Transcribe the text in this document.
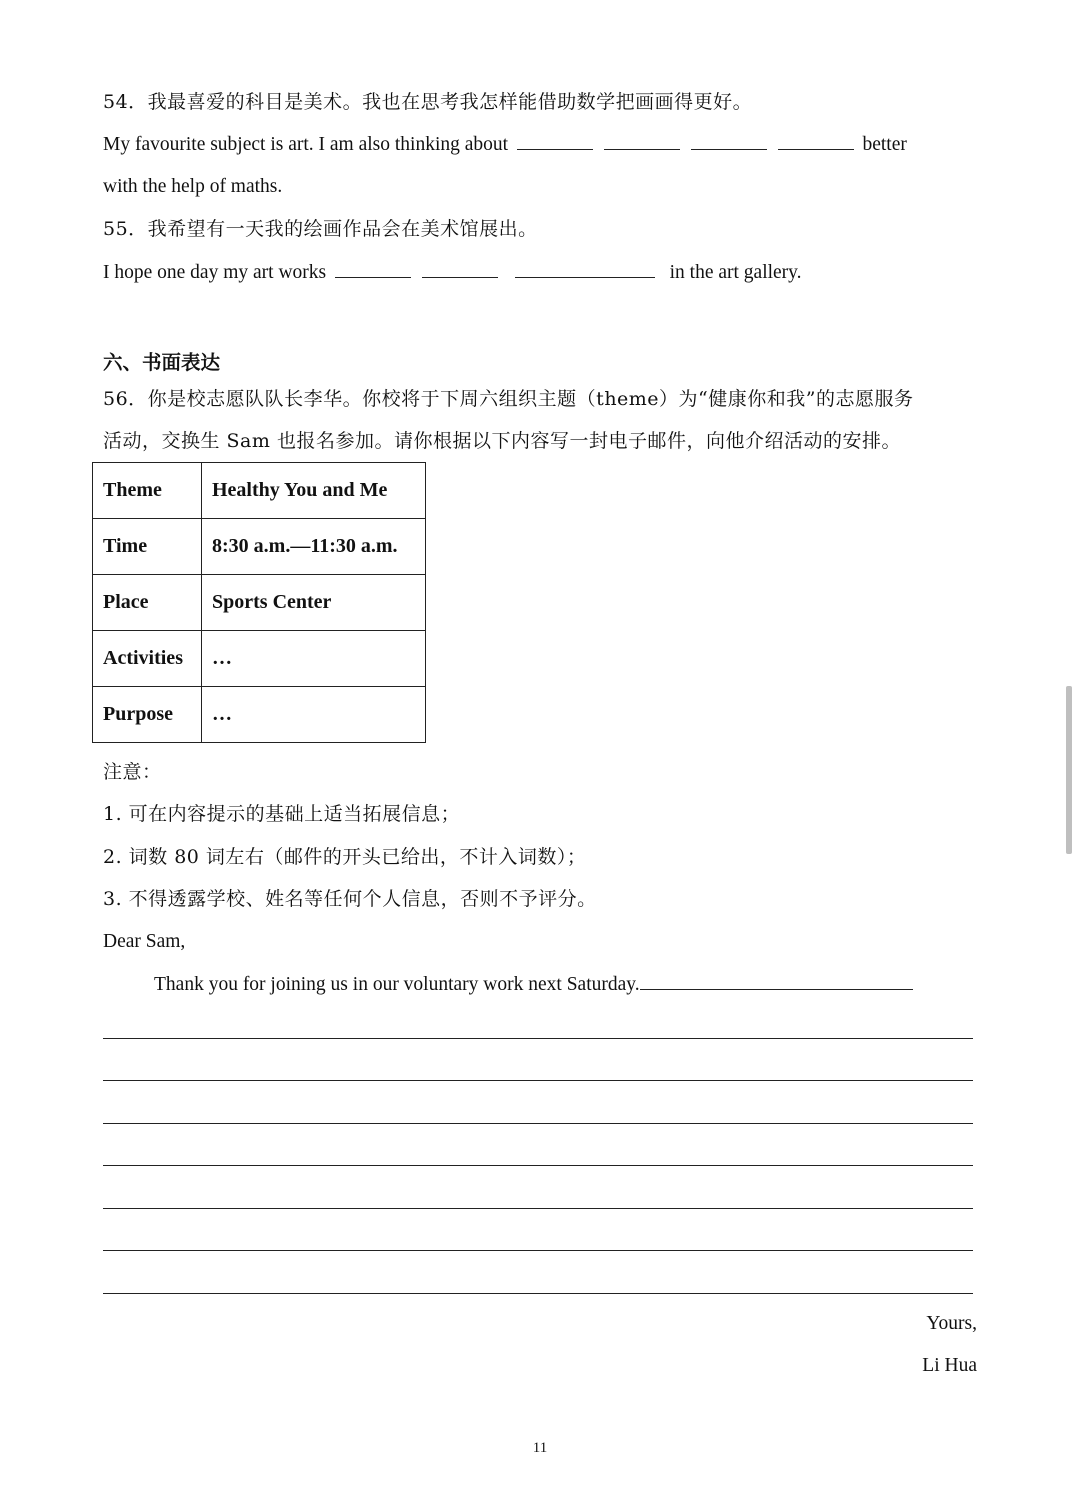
54．我最喜爱的科目是美术。我也在思考我怎样能借助数学把画画得更好。
My favourite subject is art. I am also thinking about	better
with the help of maths.
55．我希望有一天我的绘画作品会在美术馆展出。
I hope one day my art works	in the art gallery.
六、书面表达
56．你是校志愿队队长李华。你校将于下周六组织主题（theme）为“健康你和我”的志愿服务
活动，交换生 Sam 也报名参加。请你根据以下内容写一封电子邮件，向他介绍活动的安排。
Theme	Healthy You and Me
Time	8:30 a.m.—11:30 a.m.
Place	Sports Center
Activities	…
Purpose	…
注意：
1. 可在内容提示的基础上适当拓展信息；
2. 词数 80 词左右（邮件的开头已给出，不计入词数）；
3. 不得透露学校、姓名等任何个人信息，否则不予评分。
Dear Sam,
Thank you for joining us in our voluntary work next Saturday.
Yours,
Li Hua
11
